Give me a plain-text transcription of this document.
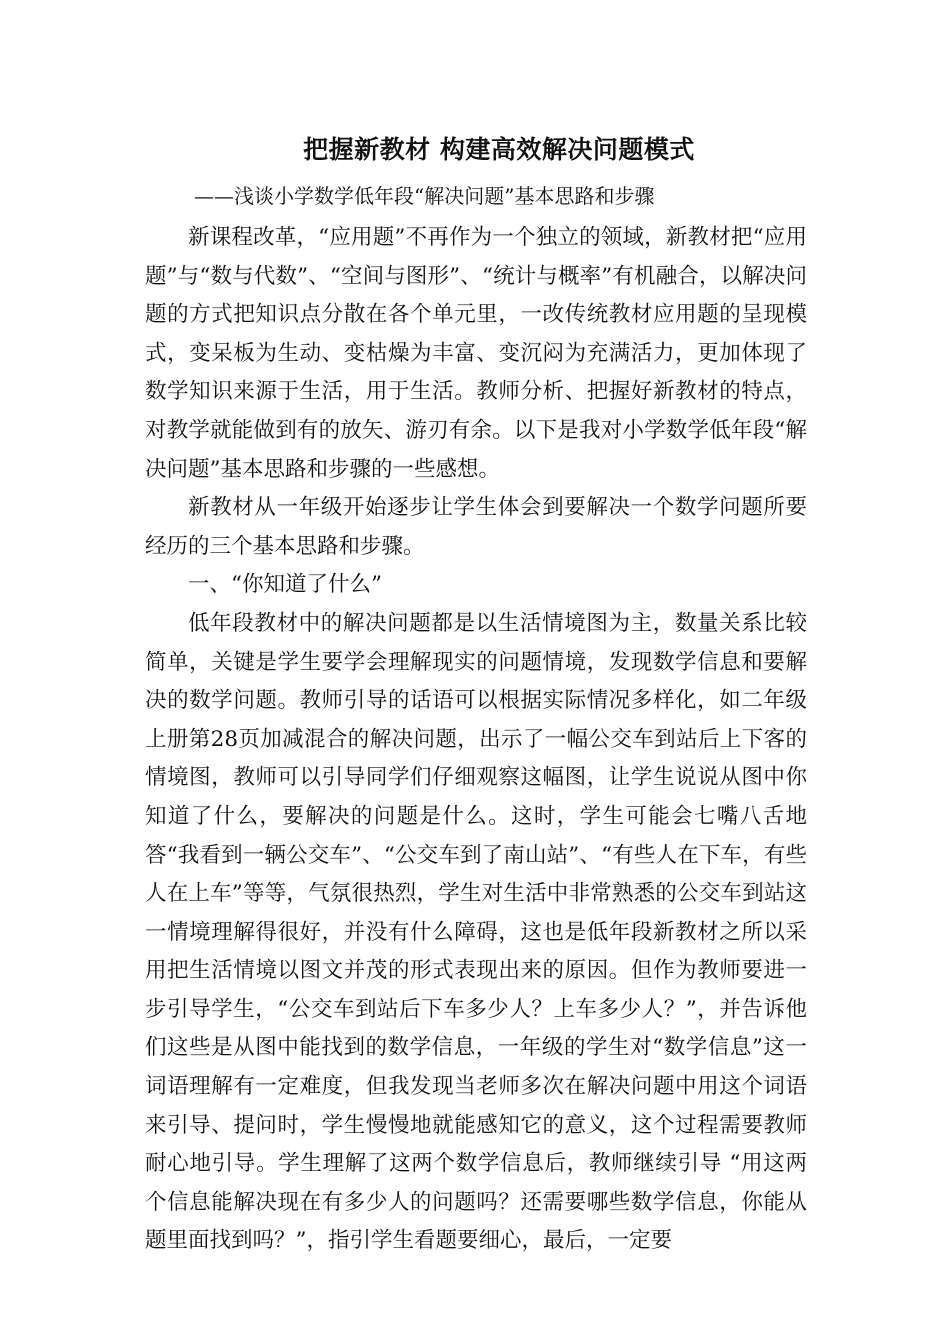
把握新教材 构建高效解决问题模式
——浅谈小学数学低年段“解决问题”基本思路和步骤

新课程改革，“应用题”不再作为一个独立的领域，新教材把“应用题”与“数与代数”、“空间与图形”、“统计与概率”有机融合，以解决问题的方式把知识点分散在各个单元里，一改传统教材应用题的呈现模式，变呆板为生动、变枯燥为丰富、变沉闷为充满活力，更加体现了数学知识来源于生活，用于生活。教师分析、把握好新教材的特点，对教学就能做到有的放矢、游刃有余。以下是我对小学数学低年段“解决问题”基本思路和步骤的一些感想。

新教材从一年级开始逐步让学生体会到要解决一个数学问题所要经历的三个基本思路和步骤。

一、“你知道了什么”

低年段教材中的解决问题都是以生活情境图为主，数量关系比较简单，关键是学生要学会理解现实的问题情境，发现数学信息和要解决的数学问题。教师引导的话语可以根据实际情况多样化，如二年级上册第28页加减混合的解决问题，出示了一幅公交车到站后上下客的情境图，教师可以引导同学们仔细观察这幅图，让学生说说从图中你知道了什么，要解决的问题是什么。这时，学生可能会七嘴八舌地答“我看到一辆公交车”、“公交车到了南山站”、“有些人在下车，有些人在上车”等等，气氛很热烈，学生对生活中非常熟悉的公交车到站这一情境理解得很好，并没有什么障碍，这也是低年段新教材之所以采用把生活情境以图文并茂的形式表现出来的原因。但作为教师要进一步引导学生，“公交车到站后下车多少人？上车多少人？”，并告诉他们这些是从图中能找到的数学信息，一年级的学生对“数学信息”这一词语理解有一定难度，但我发现当老师多次在解决问题中用这个词语来引导、提问时，学生慢慢地就能感知它的意义，这个过程需要教师耐心地引导。学生理解了这两个数学信息后，教师继续引导 “用这两个信息能解决现在有多少人的问题吗？还需要哪些数学信息，你能从题里面找到吗？”，指引学生看题要细心，最后，一定要
